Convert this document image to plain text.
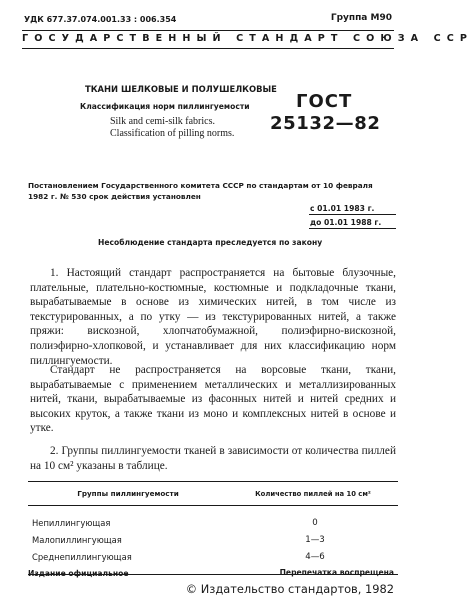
УДК 677.37.074.001.33 : 006.354	Группа М90
ГОСУДАРСТВЕННЫЙ СТАНДАРТ СОЮЗА ССР
ТКАНИ ШЕЛКОВЫЕ И ПОЛУШЕЛКОВЫЕ
Классификация норм пиллингуемости
Silk and cemi-silk fabrics.
Classification of pilling norms.
ГОСТ
25132—82
Постановлением Государственного комитета СССР по стандартам от 10 февраля 1982 г. № 530 срок действия установлен
с 01.01 1983 г.
до 01.01 1988 г.
Несоблюдение стандарта преследуется по закону
1. Настоящий стандарт распространяется на бытовые блузочные, плательные, плательно-костюмные, костюмные и подкладочные ткани, вырабатываемые в основе из химических нитей, в том числе из текстурированных, а по утку — из текстурированных нитей, а также пряжи: вискозной, хлопчатобумажной, полиэфирно-вискозной, полиэфирно-хлопковой, и устанавливает для них классификацию норм пиллингуемости.
Стандарт не распространяется на ворсовые ткани, ткани, вырабатываемые с применением металлических и металлизированных нитей, ткани, вырабатываемые из фасонных нитей и нитей средних и высоких круток, а также ткани из моно и комплексных нитей в основе и утке.
2. Группы пиллингуемости тканей в зависимости от количества пиллей на 10 см² указаны в таблице.
Группы пиллингуемости	Количество пиллей на 10 см²
Непиллингующая	0
Малопиллингующая	1—3
Среднепиллингующая	4—6
Издание официальное	Перепечатка воспрещена
© Издательство стандартов, 1982
